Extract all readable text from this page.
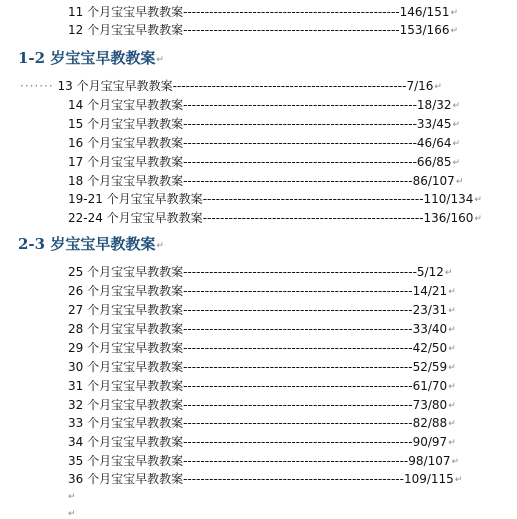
11 个月宝宝早教教案--------------------------------------------------146/151↵
12 个月宝宝早教教案--------------------------------------------------153/166↵
1-2 岁宝宝早教教案↵
······· 13 个月宝宝早教教案------------------------------------------------------7/16↵
14 个月宝宝早教教案------------------------------------------------------18/32↵
15 个月宝宝早教教案------------------------------------------------------33/45↵
16 个月宝宝早教教案------------------------------------------------------46/64↵
17 个月宝宝早教教案------------------------------------------------------66/85↵
18 个月宝宝早教教案-----------------------------------------------------86/107↵
19-21 个月宝宝早教教案---------------------------------------------------110/134↵
22-24 个月宝宝早教教案---------------------------------------------------136/160↵
2-3 岁宝宝早教教案↵
25 个月宝宝早教教案------------------------------------------------------5/12↵
26 个月宝宝早教教案-----------------------------------------------------14/21↵
27 个月宝宝早教教案-----------------------------------------------------23/31↵
28 个月宝宝早教教案-----------------------------------------------------33/40↵
29 个月宝宝早教教案-----------------------------------------------------42/50↵
30 个月宝宝早教教案-----------------------------------------------------52/59↵
31 个月宝宝早教教案-----------------------------------------------------61/70↵
32 个月宝宝早教教案-----------------------------------------------------73/80↵
33 个月宝宝早教教案-----------------------------------------------------82/88↵
34 个月宝宝早教教案-----------------------------------------------------90/97↵
35 个月宝宝早教教案----------------------------------------------------98/107↵
36 个月宝宝早教教案---------------------------------------------------109/115↵
↵
↵
